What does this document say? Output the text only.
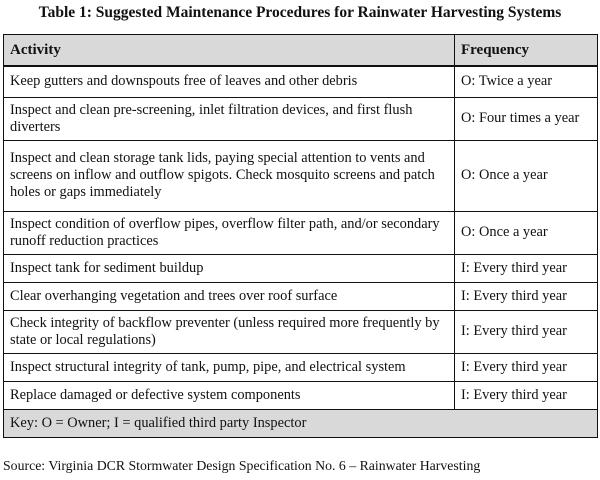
Table 1: Suggested Maintenance Procedures for Rainwater Harvesting Systems
Activity	Frequency
Keep gutters and downspouts free of leaves and other debris	O: Twice a year
Inspect and clean pre-screening, inlet filtration devices, and first flush diverters	O: Four times a year
Inspect and clean storage tank lids, paying special attention to vents and screens on inflow and outflow spigots. Check mosquito screens and patch holes or gaps immediately	O: Once a year
Inspect condition of overflow pipes, overflow filter path, and/or secondary runoff reduction practices	O: Once a year
Inspect tank for sediment buildup	I: Every third year
Clear overhanging vegetation and trees over roof surface	I: Every third year
Check integrity of backflow preventer (unless required more frequently by state or local regulations)	I: Every third year
Inspect structural integrity of tank, pump, pipe, and electrical system	I: Every third year
Replace damaged or defective system components	I: Every third year
Key: O = Owner; I = qualified third party Inspector	
Source: Virginia DCR Stormwater Design Specification No. 6 – Rainwater Harvesting
